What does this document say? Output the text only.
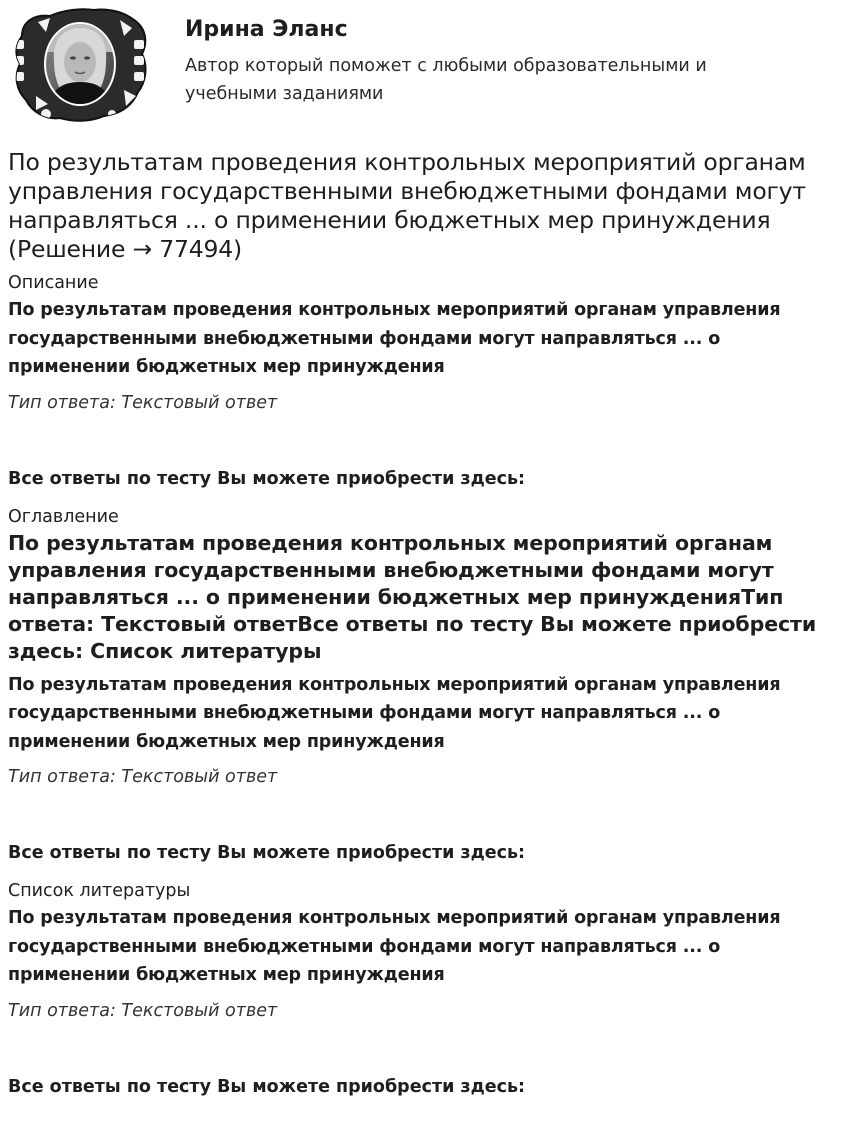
Ирина Эланс

Автор который поможет с любыми образовательными и учебными заданиями

По результатам проведения контрольных мероприятий органам управления государственными внебюджетными фондами могут направляться ... о применении бюджетных мер принуждения (Решение → 77494)

Описание

По результатам проведения контрольных мероприятий органам управления государственными внебюджетными фондами могут направляться ... о применении бюджетных мер принуждения

Тип ответа: Текстовый ответ

Все ответы по тесту Вы можете приобрести здесь:

Оглавление

По результатам проведения контрольных мероприятий органам управления государственными внебюджетными фондами могут направляться ... о применении бюджетных мер принужденияТип ответа: Текстовый ответВсе ответы по тесту Вы можете приобрести здесь: Список литературы

По результатам проведения контрольных мероприятий органам управления государственными внебюджетными фондами могут направляться ... о применении бюджетных мер принуждения

Тип ответа: Текстовый ответ

Все ответы по тесту Вы можете приобрести здесь:

Список литературы

По результатам проведения контрольных мероприятий органам управления государственными внебюджетными фондами могут направляться ... о применении бюджетных мер принуждения

Тип ответа: Текстовый ответ

Все ответы по тесту Вы можете приобрести здесь:
